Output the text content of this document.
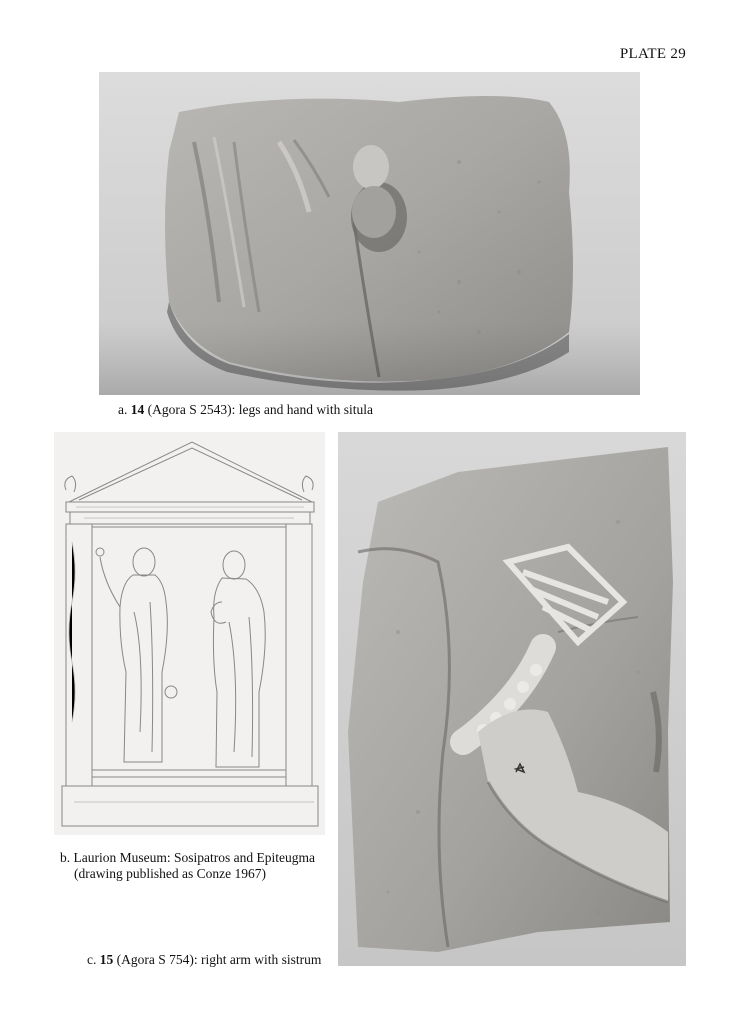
PLATE 29
a. 14 (Agora S 2543): legs and hand with situla
b. Laurion Museum: Sosipatros and Epiteugma
(drawing published as Conze 1967)
c. 15 (Agora S 754): right arm with sistrum
